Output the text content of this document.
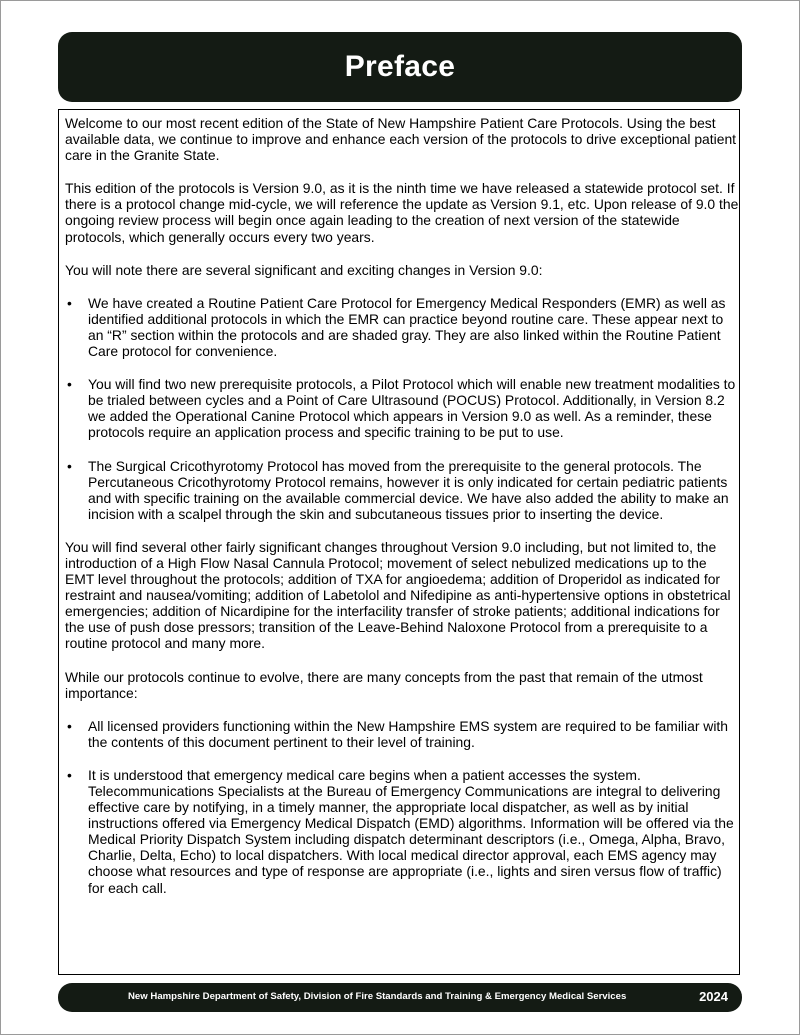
Preface

Welcome to our most recent edition of the State of New Hampshire Patient Care Protocols. Using the best available data, we continue to improve and enhance each version of the protocols to drive exceptional patient care in the Granite State.

This edition of the protocols is Version 9.0, as it is the ninth time we have released a statewide protocol set. If there is a protocol change mid-cycle, we will reference the update as Version 9.1, etc. Upon release of 9.0 the ongoing review process will begin once again leading to the creation of next version of the statewide protocols, which generally occurs every two years.

You will note there are several significant and exciting changes in Version 9.0:

• We have created a Routine Patient Care Protocol for Emergency Medical Responders (EMR) as well as identified additional protocols in which the EMR can practice beyond routine care. These appear next to an “R” section within the protocols and are shaded gray. They are also linked within the Routine Patient Care protocol for convenience.
• You will find two new prerequisite protocols, a Pilot Protocol which will enable new treatment modalities to be trialed between cycles and a Point of Care Ultrasound (POCUS) Protocol. Additionally, in Version 8.2 we added the Operational Canine Protocol which appears in Version 9.0 as well. As a reminder, these protocols require an application process and specific training to be put to use.
• The Surgical Cricothyrotomy Protocol has moved from the prerequisite to the general protocols. The Percutaneous Cricothyrotomy Protocol remains, however it is only indicated for certain pediatric patients and with specific training on the available commercial device. We have also added the ability to make an incision with a scalpel through the skin and subcutaneous tissues prior to inserting the device.

You will find several other fairly significant changes throughout Version 9.0 including, but not limited to, the introduction of a High Flow Nasal Cannula Protocol; movement of select nebulized medications up to the EMT level throughout the protocols; addition of TXA for angioedema; addition of Droperidol as indicated for restraint and nausea/vomiting; addition of Labetolol and Nifedipine as anti-hypertensive options in obstetrical emergencies; addition of Nicardipine for the interfacility transfer of stroke patients; additional indications for the use of push dose pressors; transition of the Leave-Behind Naloxone Protocol from a prerequisite to a routine protocol and many more.

While our protocols continue to evolve, there are many concepts from the past that remain of the utmost importance:

• All licensed providers functioning within the New Hampshire EMS system are required to be familiar with the contents of this document pertinent to their level of training.
• It is understood that emergency medical care begins when a patient accesses the system. Telecommunications Specialists at the Bureau of Emergency Communications are integral to delivering effective care by notifying, in a timely manner, the appropriate local dispatcher, as well as by initial instructions offered via Emergency Medical Dispatch (EMD) algorithms. Information will be offered via the Medical Priority Dispatch System including dispatch determinant descriptors (i.e., Omega, Alpha, Bravo, Charlie, Delta, Echo) to local dispatchers. With local medical director approval, each EMS agency may choose what resources and type of response are appropriate (i.e., lights and siren versus flow of traffic) for each call.
New Hampshire Department of Safety, Division of Fire Standards and Training & Emergency Medical Services	2024
